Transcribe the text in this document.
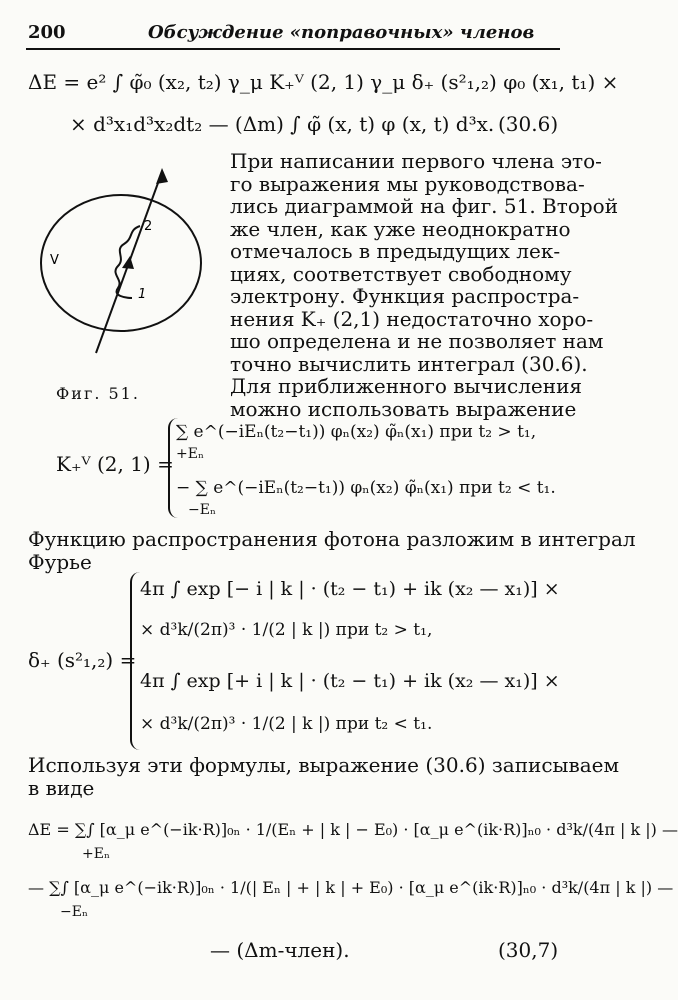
200	Обсуждение «поправочных» членов
ΔE = e² ∫ φ̃₀ (x₂, t₂) γ_μ K₊ⱽ (2, 1) γ_μ δ₊ (s²₁,₂) φ₀ (x₁, t₁) ×
× d³x₁d³x₂dt₂ — (Δm) ∫ φ̃ (x, t) φ (x, t) d³x. (30.6)
V
2
1
Фиг. 51.
При написании первого члена это-
го выражения мы руководствова-
лись диаграммой на фиг. 51. Второй
же член, как уже неоднократно
отмечалось в предыдущих лек-
циях, соответствует свободному
электрону. Функция распростра-
нения K₊ (2,1) недостаточно хоро-
шо определена и не позволяет нам
точно вычислить интеграл (30.6).
Для приближенного вычисления
можно использовать выражение
K₊ⱽ (2, 1) =
∑ e^(−iEₙ(t₂−t₁)) φₙ(x₂) φ̃ₙ(x₁) при t₂ > t₁,
+Eₙ
− ∑ e^(−iEₙ(t₂−t₁)) φₙ(x₂) φ̃ₙ(x₁) при t₂ < t₁.
−Eₙ
Функцию распространения фотона разложим в интеграл
Фурье
δ₊ (s²₁,₂) =
4π ∫ exp [− i | k | · (t₂ − t₁) + ik (x₂ — x₁)] ×
× d³k/(2π)³ · 1/(2 | k |) при t₂ > t₁,
4π ∫ exp [+ i | k | · (t₂ − t₁) + ik (x₂ — x₁)] ×
× d³k/(2π)³ · 1/(2 | k |) при t₂ < t₁.
Используя эти формулы, выражение (30.6) записываем
в виде
ΔE = ∑∫ [α_μ e^(−ik·R)]₀ₙ · 1/(Eₙ + | k | − E₀) · [α_μ e^(ik·R)]ₙ₀ · d³k/(4π | k |) —
+Eₙ
— ∑∫ [α_μ e^(−ik·R)]₀ₙ · 1/(| Eₙ | + | k | + E₀) · [α_μ e^(ik·R)]ₙ₀ · d³k/(4π | k |) —
−Eₙ
— (Δm-член).	(30,7)
